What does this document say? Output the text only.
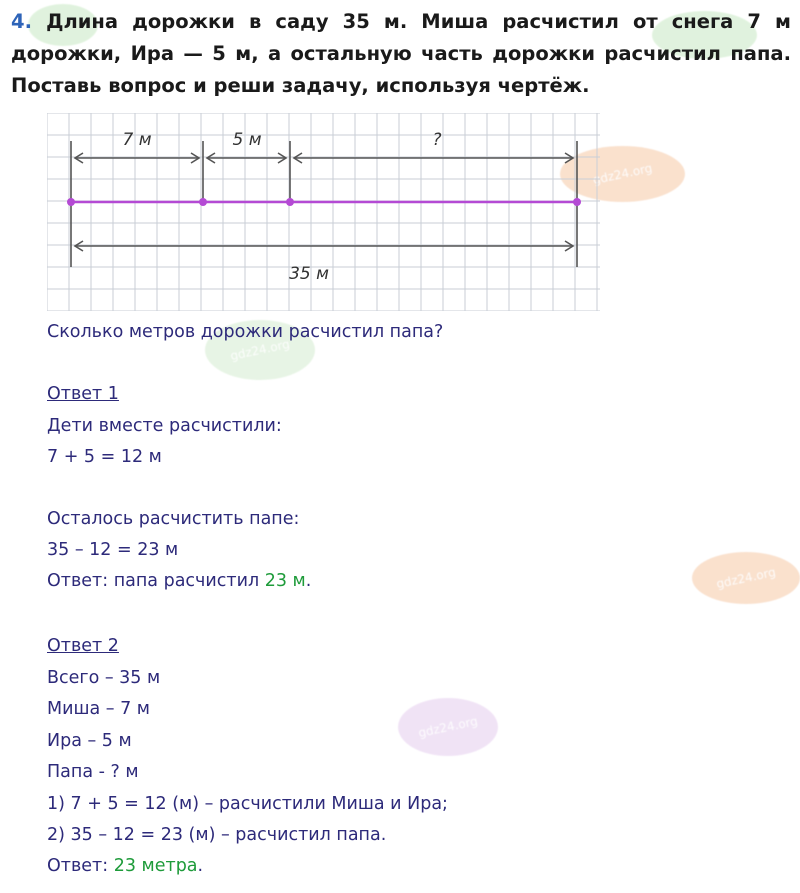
gdz24.org
gdz24.org
gdz24.org
gdz24.org
4. Длина дорожки в саду 35 м. Миша расчистил от снега 7 м дорожки, Ира — 5 м, а остальную часть дорожки расчистил папа. Поставь вопрос и реши задачу, используя чертёж.
7 м	5 м	?
35 м
Сколько метров дорожки расчистил папа?
Ответ 1
Дети вместе расчистили:
7 + 5 = 12 м
Осталось расчистить папе:
35 – 12 = 23 м
Ответ: папа расчистил 23 м.
Ответ 2
Всего – 35 м
Миша – 7 м
Ира – 5 м
Папа - ? м
1) 7 + 5 = 12 (м) – расчистили Миша и Ира;
2) 35 – 12 = 23 (м) – расчистил папа.
Ответ: 23 метра.
